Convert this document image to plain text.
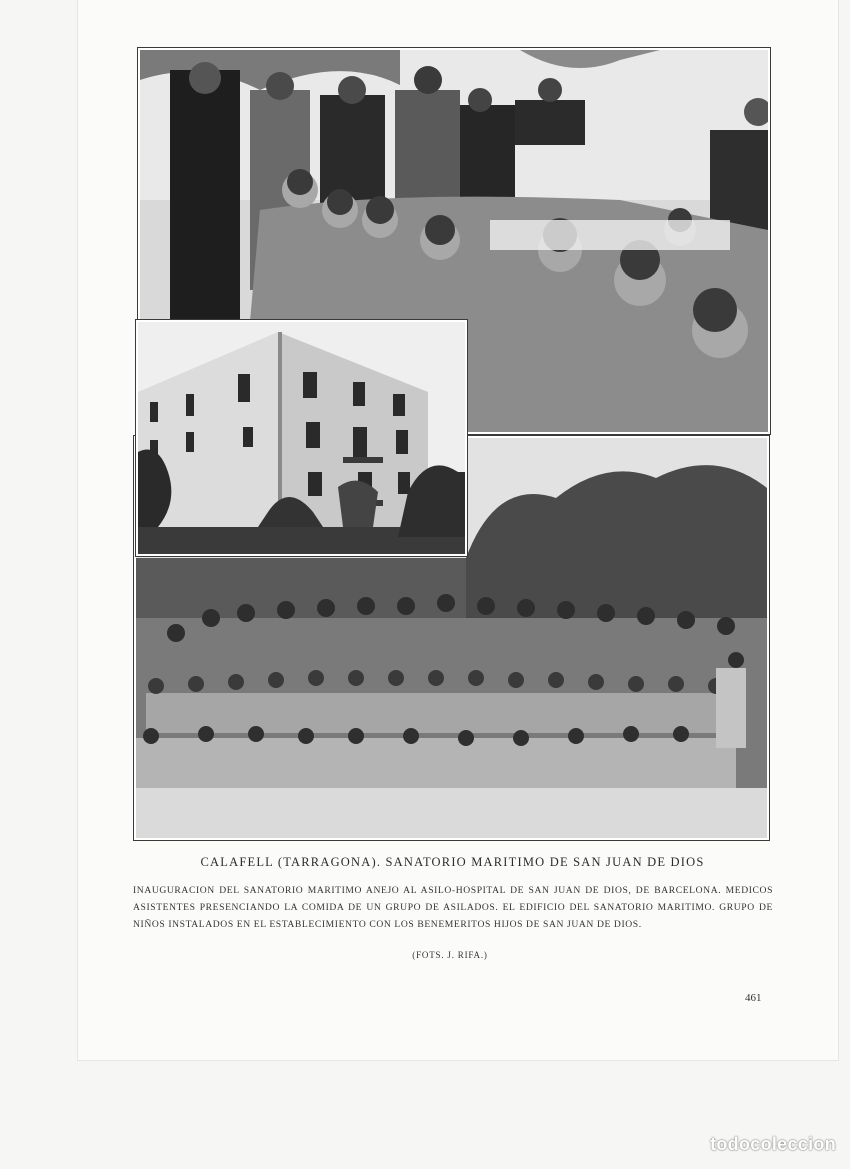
CALAFELL (TARRAGONA). SANATORIO MARITIMO DE SAN JUAN DE DIOS
INAUGURACION DEL SANATORIO MARITIMO ANEJO AL ASILO-HOSPITAL DE SAN JUAN DE DIOS, DE BARCELONA. MEDICOS ASISTENTES PRESENCIANDO LA COMIDA DE UN GRUPO DE ASILADOS. EL EDIFICIO DEL SANATORIO MARITIMO. GRUPO DE NIÑOS INSTALADOS EN EL ESTABLECIMIENTO CON LOS BENEMERITOS HIJOS DE SAN JUAN DE DIOS.
(FOTS. J. RIFA.)
461
todocoleccion
